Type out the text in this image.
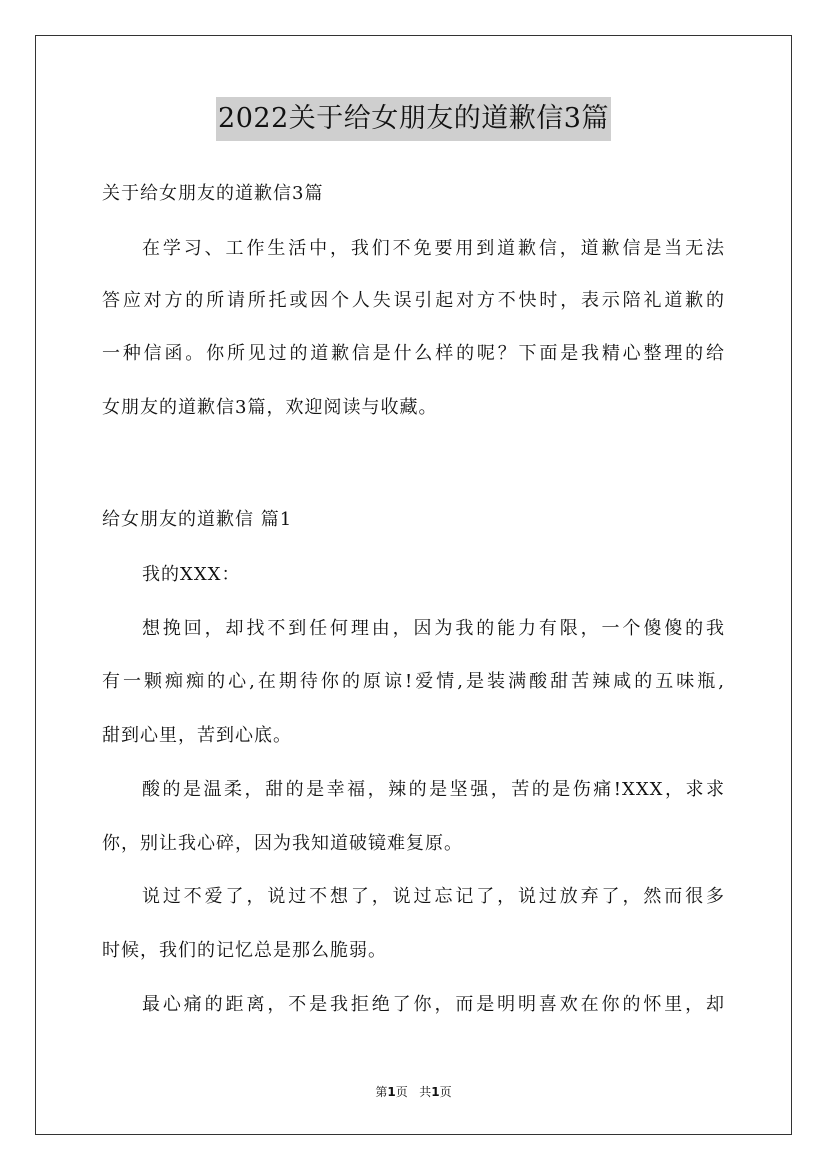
2022关于给女朋友的道歉信3篇
关于给女朋友的道歉信3篇
在学习、工作生活中，我们不免要用到道歉信，道歉信是当无法
答应对方的所请所托或因个人失误引起对方不快时，表示陪礼道歉的
一种信函。你所见过的道歉信是什么样的呢？下面是我精心整理的给
女朋友的道歉信3篇，欢迎阅读与收藏。
给女朋友的道歉信 篇1
我的XXX：
想挽回，却找不到任何理由，因为我的能力有限，一个傻傻的我
有一颗痴痴的心,在期待你的原谅!爱情,是装满酸甜苦辣咸的五味瓶,
甜到心里，苦到心底。
酸的是温柔，甜的是幸福，辣的是坚强，苦的是伤痛!XXX，求求
你，别让我心碎，因为我知道破镜难复原。
说过不爱了，说过不想了，说过忘记了，说过放弃了，然而很多
时候，我们的记忆总是那么脆弱。
最心痛的距离，不是我拒绝了你，而是明明喜欢在你的怀里，却
第1页 共1页
